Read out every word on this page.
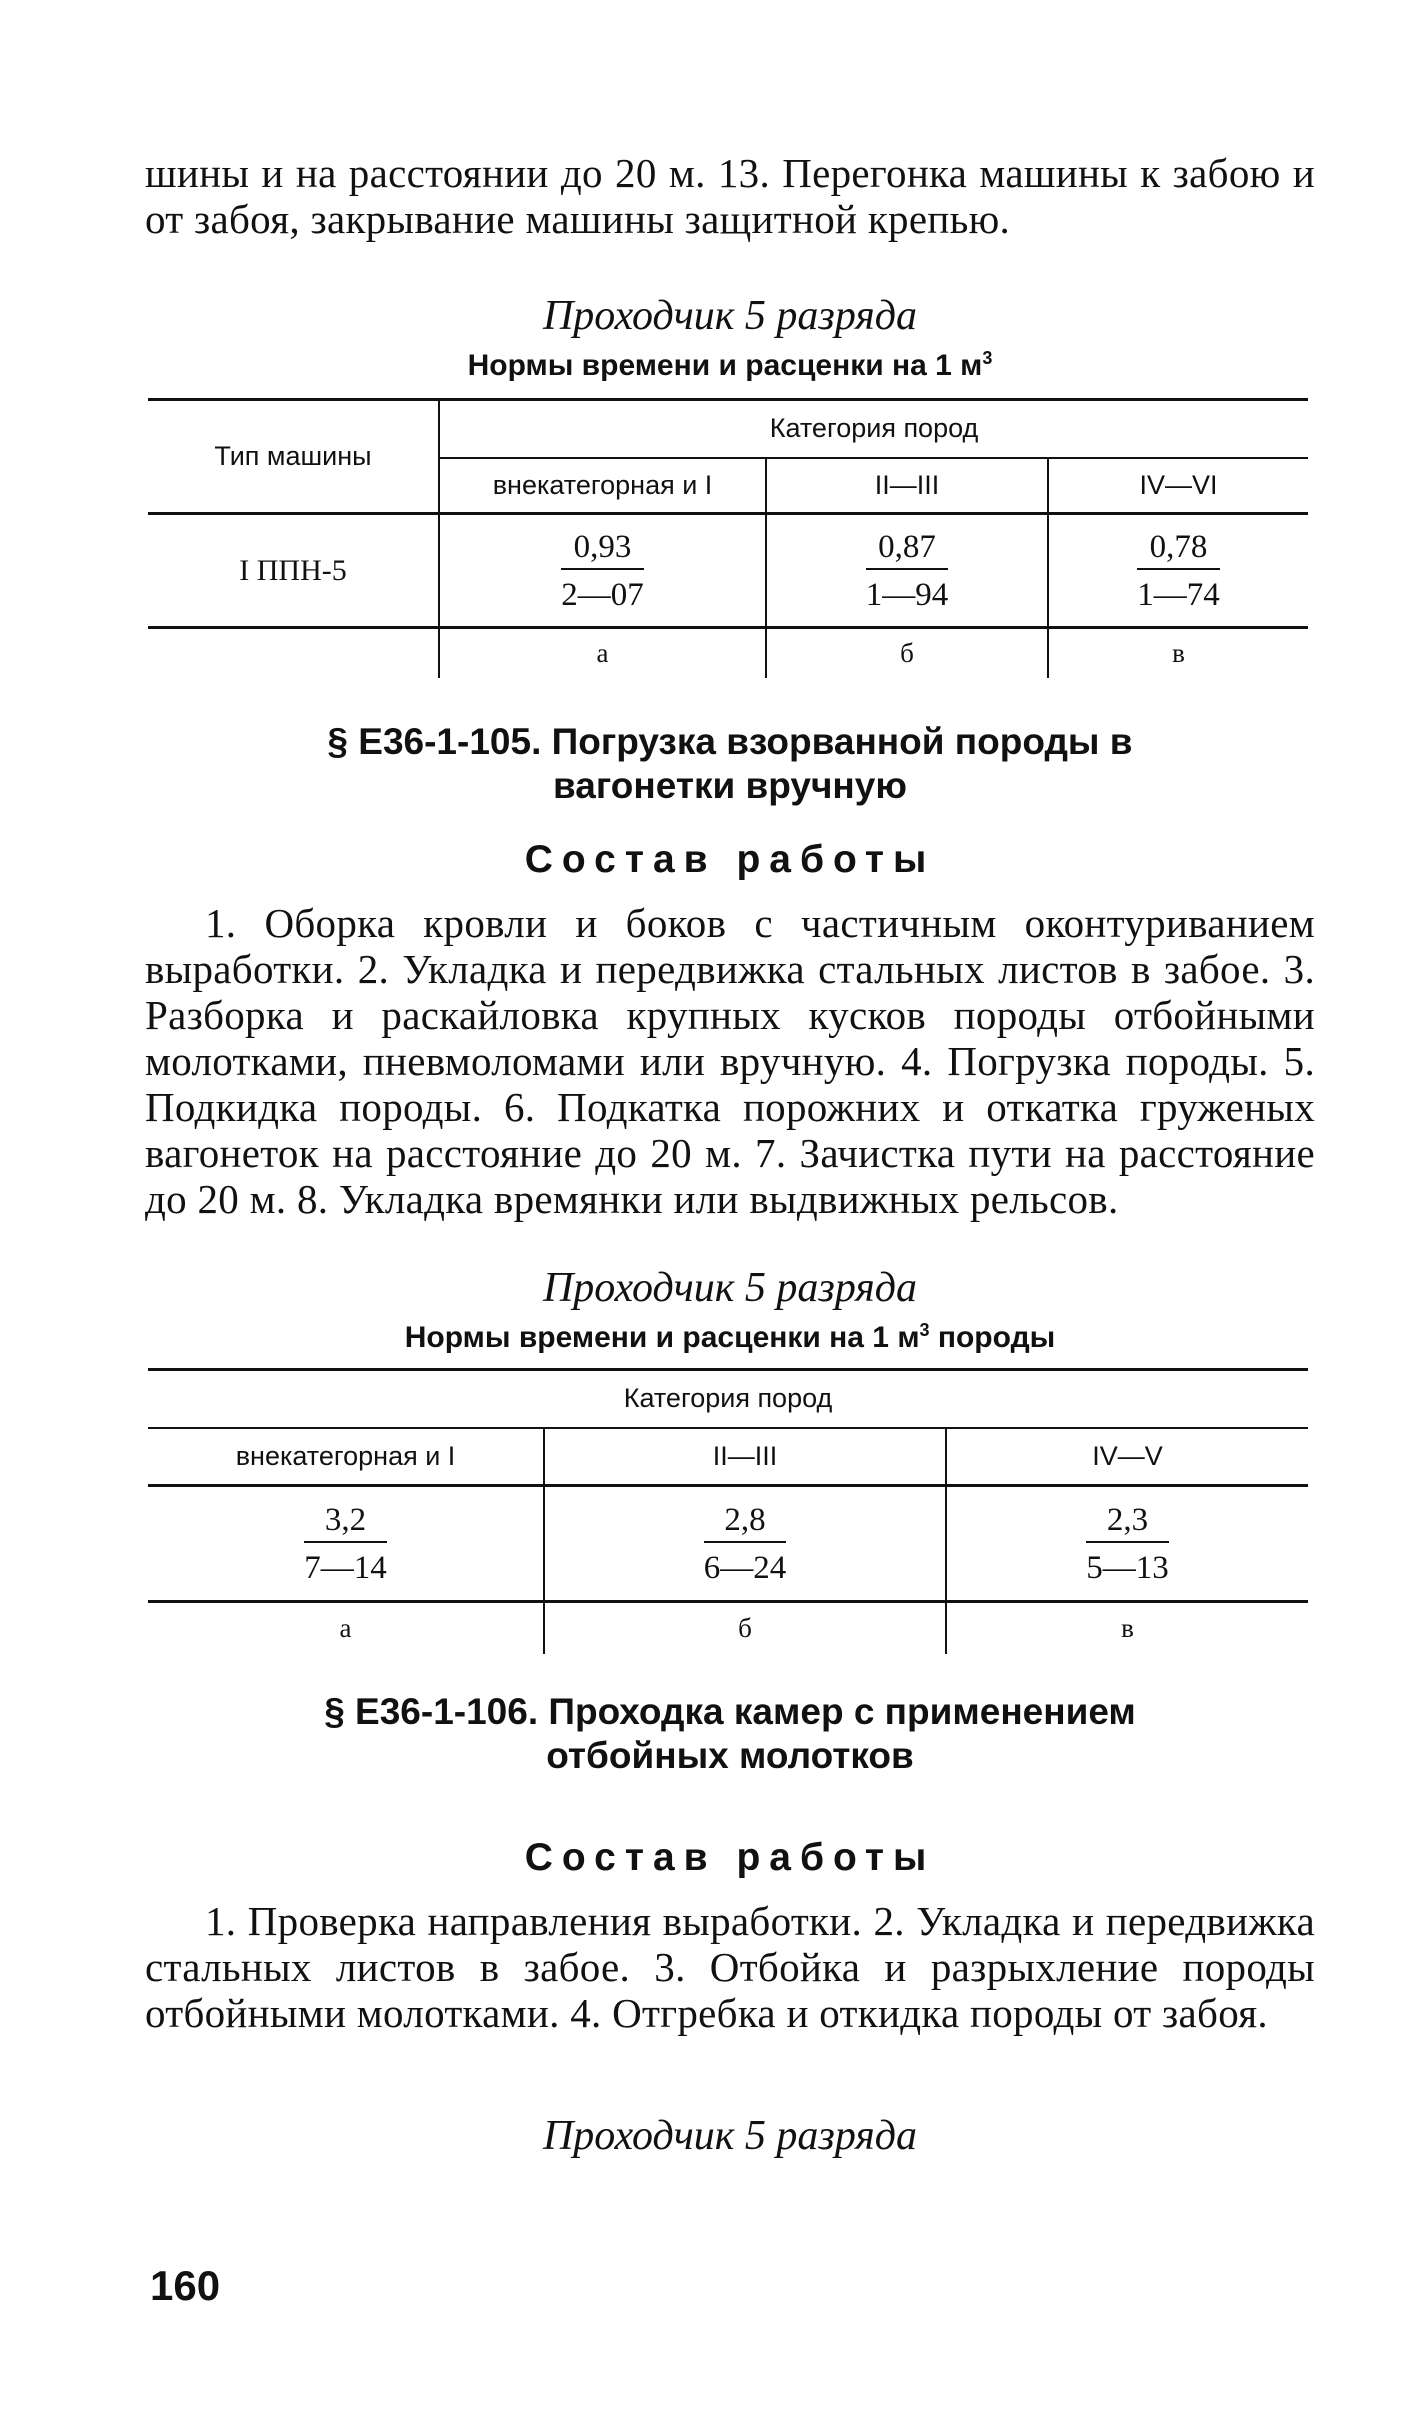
шины и на расстоянии до 20 м. 13. Перегонка машины к забою и от забоя, закрывание машины защитной крепью.
Проходчик 5 разряда
Нормы времени и расценки на 1 $м^3$
Тип машины	Категория пород		
	внекатегорная и I	II—III	IV—VI
I ППН-5	$\frac{0,93}{2—07}$	$\frac{0,87}{1—94}$	$\frac{0,78}{1—74}$

	а	б	в
§ Е36-1-105. Погрузка взорванной породы в вагонетки вручную
Состав работы
1. Оборка кровли и боков с частичным оконтуриванием выработки. 2. Укладка и передвижка стальных листов в забое. 3. Разборка и раскайловка крупных кусков породы отбойными молотками, пневмоломами или вручную. 4. Погрузка породы. 5. Подкидка породы. 6. Подкатка порожних и откатка груженых вагонеток на расстояние до 20 м. 7. Зачистка пути на расстояние до 20 м. 8. Укладка времянки или выдвижных рельсов.
Проходчик 5 разряда
Нормы времени и расценки на 1 $м^3$ породы
Категория пород		
внекатегорная и I	II—III	IV—V

$\frac{3,2}{7—14}$	$\frac{2,8}{6—24}$	$\frac{2,3}{5—13}$

а	б	в
§ Е36-1-106. Проходка камер с применением отбойных молотков
Состав работы
1. Проверка направления выработки. 2. Укладка и передвижка стальных листов в забое. 3. Отбойка и разрыхление породы отбойными молотками. 4. Отгребка и откидка породы от забоя.
Проходчик 5 разряда
160
